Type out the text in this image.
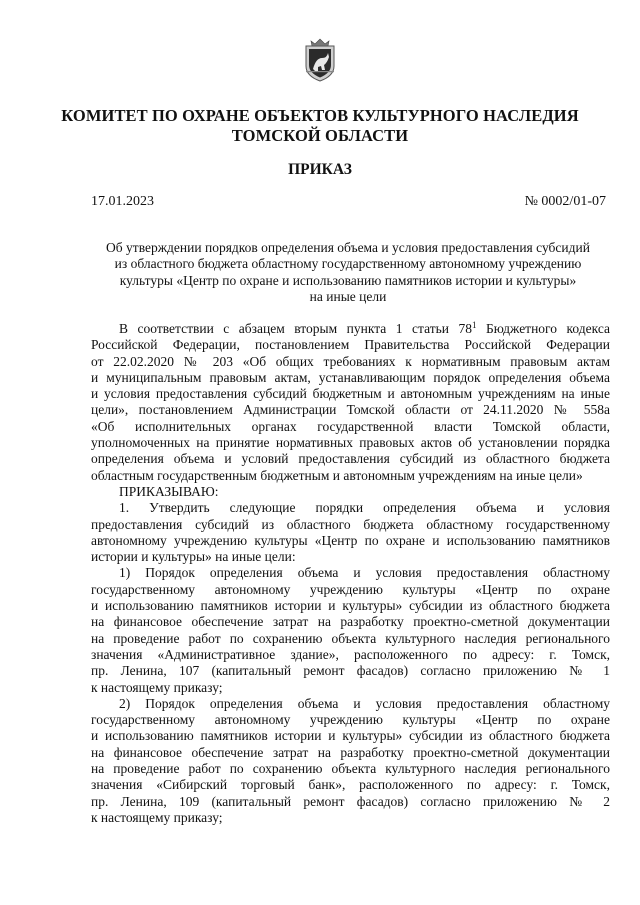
КОМИТЕТ ПО ОХРАНЕ ОБЪЕКТОВ КУЛЬТУРНОГО НАСЛЕДИЯ
ТОМСКОЙ ОБЛАСТИ
ПРИКАЗ
17.01.2023	№ 0002/01-07
Об утверждении порядков определения объема и условия предоставления субсидий
из областного бюджета областному государственному автономному учреждению
культуры «Центр по охране и использованию памятников истории и культуры»
на иные цели
В соответствии с абзацем вторым пункта 1 статьи $78^1$ Бюджетного кодекса
Российской Федерации, постановлением Правительства Российской Федерации
от 22.02.2020 № 203 «Об общих требованиях к нормативным правовым актам
и муниципальным правовым актам, устанавливающим порядок определения объема
и условия предоставления субсидий бюджетным и автономным учреждениям на иные
цели», постановлением Администрации Томской области от 24.11.2020 № 558а
«Об исполнительных органах государственной власти Томской области,
уполномоченных на принятие нормативных правовых актов об установлении порядка
определения объема и условий предоставления субсидий из областного бюджета
областным государственным бюджетным и автономным учреждениям на иные цели»
ПРИКАЗЫВАЮ:
1. Утвердить следующие порядки определения объема и условия
предоставления субсидий из областного бюджета областному государственному
автономному учреждению культуры «Центр по охране и использованию памятников
истории и культуры» на иные цели:
1) Порядок определения объема и условия предоставления областному
государственному автономному учреждению культуры «Центр по охране
и использованию памятников истории и культуры» субсидии из областного бюджета
на финансовое обеспечение затрат на разработку проектно-сметной документации
на проведение работ по сохранению объекта культурного наследия регионального
значения «Административное здание», расположенного по адресу: г. Томск,
пр. Ленина, 107 (капитальный ремонт фасадов) согласно приложению № 1
к настоящему приказу;
2) Порядок определения объема и условия предоставления областному
государственному автономному учреждению культуры «Центр по охране
и использованию памятников истории и культуры» субсидии из областного бюджета
на финансовое обеспечение затрат на разработку проектно-сметной документации
на проведение работ по сохранению объекта культурного наследия регионального
значения «Сибирский торговый банк», расположенного по адресу: г. Томск,
пр. Ленина, 109 (капитальный ремонт фасадов) согласно приложению № 2
к настоящему приказу;
